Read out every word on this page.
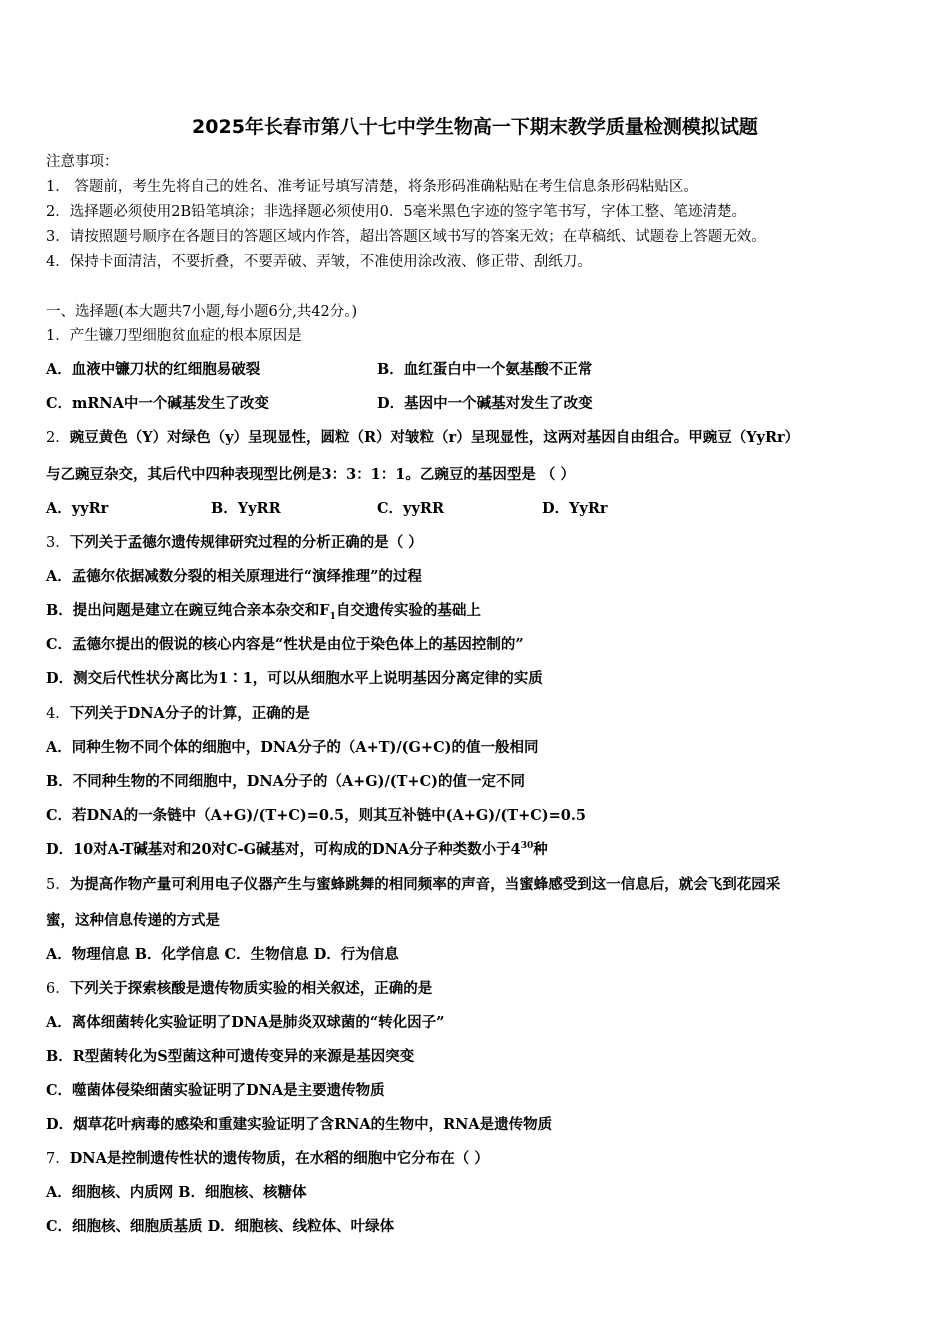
2025年长春市第八十七中学生物高一下期末教学质量检测模拟试题
注意事项：
1． 答题前，考生先将自己的姓名、准考证号填写清楚，将条形码准确粘贴在考生信息条形码粘贴区。
2．选择题必须使用2B铅笔填涂；非选择题必须使用0．5毫米黑色字迹的签字笔书写，字体工整、笔迹清楚。
3．请按照题号顺序在各题目的答题区域内作答，超出答题区域书写的答案无效；在草稿纸、试题卷上答题无效。
4．保持卡面清洁，不要折叠，不要弄破、弄皱，不准使用涂改液、修正带、刮纸刀。
一、选择题(本大题共7小题,每小题6分,共42分。)
1．产生镰刀型细胞贫血症的根本原因是
A．血液中镰刀状的红细胞易破裂	B．血红蛋白中一个氨基酸不正常
C．mRNA中一个碱基发生了改变	D．基因中一个碱基对发生了改变
2．豌豆黄色（Y）对绿色（y）呈现显性，圆粒（R）对皱粒（r）呈现显性，这两对基因自由组合。甲豌豆（YyRr）
与乙豌豆杂交，其后代中四种表现型比例是3：3：1：1。乙豌豆的基因型是 （ ）
A．yyRr	B．YyRR	C．yyRR	D．YyRr
3．下列关于孟德尔遗传规律研究过程的分析正确的是（ ）
A．孟德尔依据减数分裂的相关原理进行“演绎推理”的过程
B．提出问题是建立在豌豆纯合亲本杂交和$F_1$自交遗传实验的基础上
C．孟德尔提出的假说的核心内容是“性状是由位于染色体上的基因控制的”
D．测交后代性状分离比为1∶1，可以从细胞水平上说明基因分离定律的实质
4．下列关于DNA分子的计算，正确的是
A．同种生物不同个体的细胞中，DNA分子的（A+T)/(G+C)的值一般相同
B．不同种生物的不同细胞中，DNA分子的（A+G)/(T+C)的值一定不同
C．若DNA的一条链中（A+G)/(T+C)=0.5，则其互补链中(A+G)/(T+C)=0.5
D．10对A-T碱基对和20对C-G碱基对，可构成的DNA分子种类数小于$4^{30}$种
5．为提高作物产量可利用电子仪器产生与蜜蜂跳舞的相同频率的声音，当蜜蜂感受到这一信息后，就会飞到花园采
蜜，这种信息传递的方式是
A．物理信息 B．化学信息 C．生物信息 D．行为信息
6．下列关于探索核酸是遗传物质实验的相关叙述，正确的是
A．离体细菌转化实验证明了DNA是肺炎双球菌的“转化因子”
B．R型菌转化为S型菌这种可遗传变异的来源是基因突变
C．噬菌体侵染细菌实验证明了DNA是主要遗传物质
D．烟草花叶病毒的感染和重建实验证明了含RNA的生物中，RNA是遗传物质
7．DNA是控制遗传性状的遗传物质，在水稻的细胞中它分布在（ ）
A．细胞核、内质网 B．细胞核、核糖体
C．细胞核、细胞质基质 D．细胞核、线粒体、叶绿体
